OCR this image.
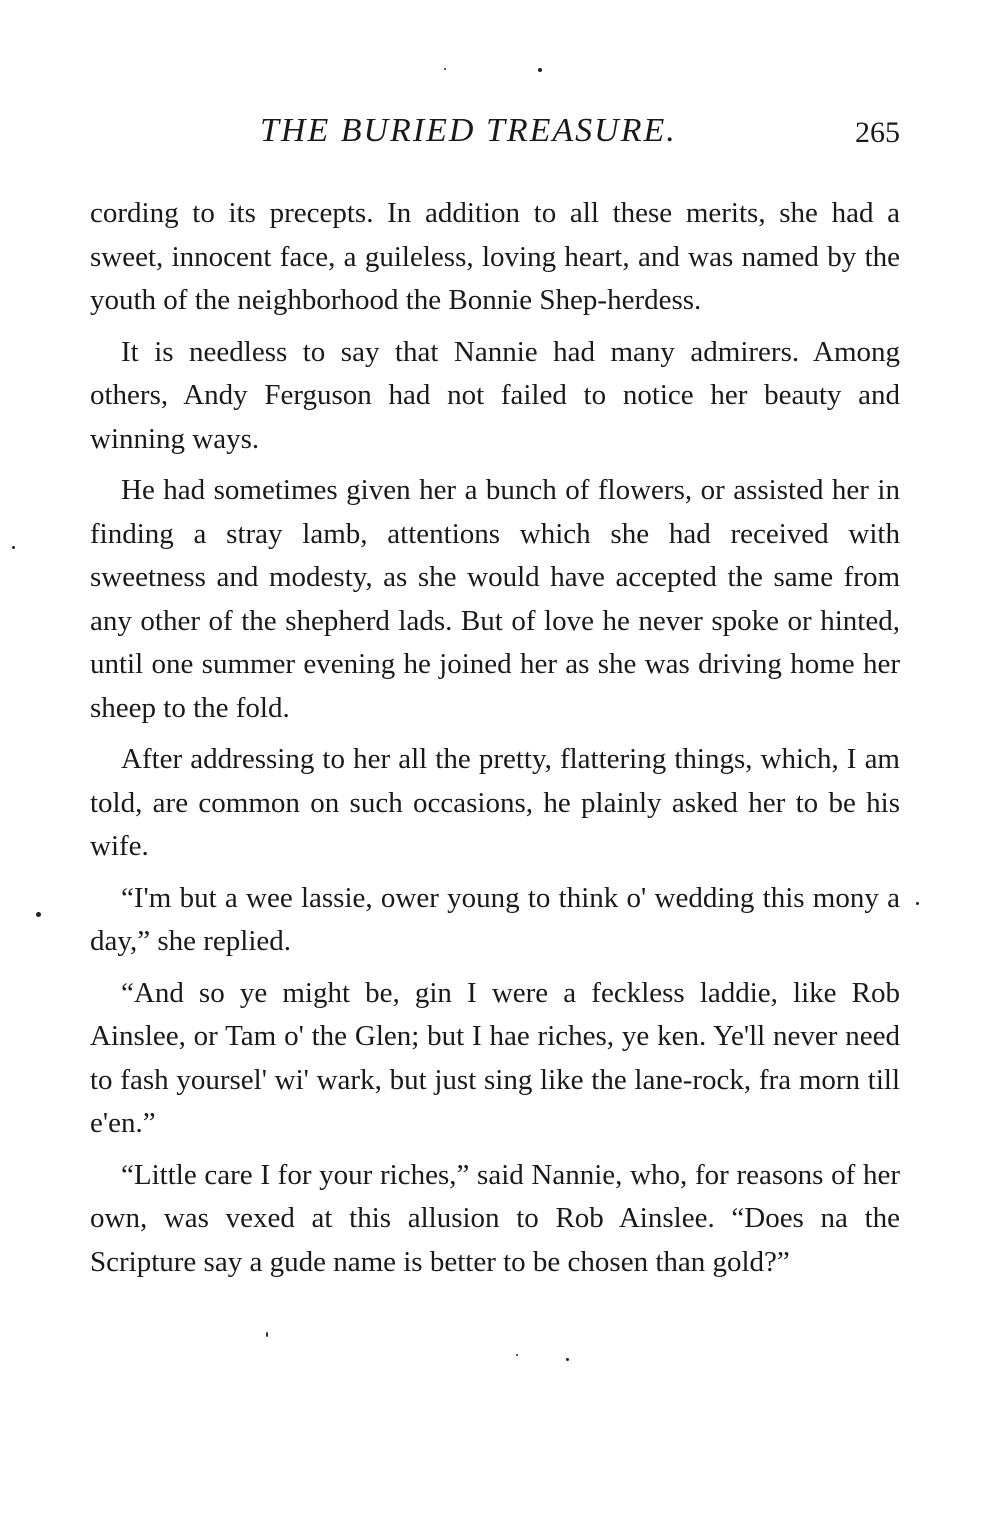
THE BURIED TREASURE.	265

cording to its precepts. In addition to all these merits, she had a sweet, innocent face, a guileless, loving heart, and was named by the youth of the neighborhood the Bonnie Shep-herdess.

It is needless to say that Nannie had many admirers. Among others, Andy Ferguson had not failed to notice her beauty and winning ways.

He had sometimes given her a bunch of flowers, or assisted her in finding a stray lamb, attentions which she had received with sweetness and modesty, as she would have accepted the same from any other of the shepherd lads. But of love he never spoke or hinted, until one summer evening he joined her as she was driving home her sheep to the fold.

After addressing to her all the pretty, flattering things, which, I am told, are common on such occasions, he plainly asked her to be his wife.

“I'm but a wee lassie, ower young to think o' wedding this mony a day,” she replied.

“And so ye might be, gin I were a feckless laddie, like Rob Ainslee, or Tam o' the Glen; but I hae riches, ye ken. Ye'll never need to fash yoursel' wi' wark, but just sing like the lane-rock, fra morn till e'en.”

“Little care I for your riches,” said Nannie, who, for reasons of her own, was vexed at this allusion to Rob Ainslee. “Does na the Scripture say a gude name is better to be chosen than gold?”
